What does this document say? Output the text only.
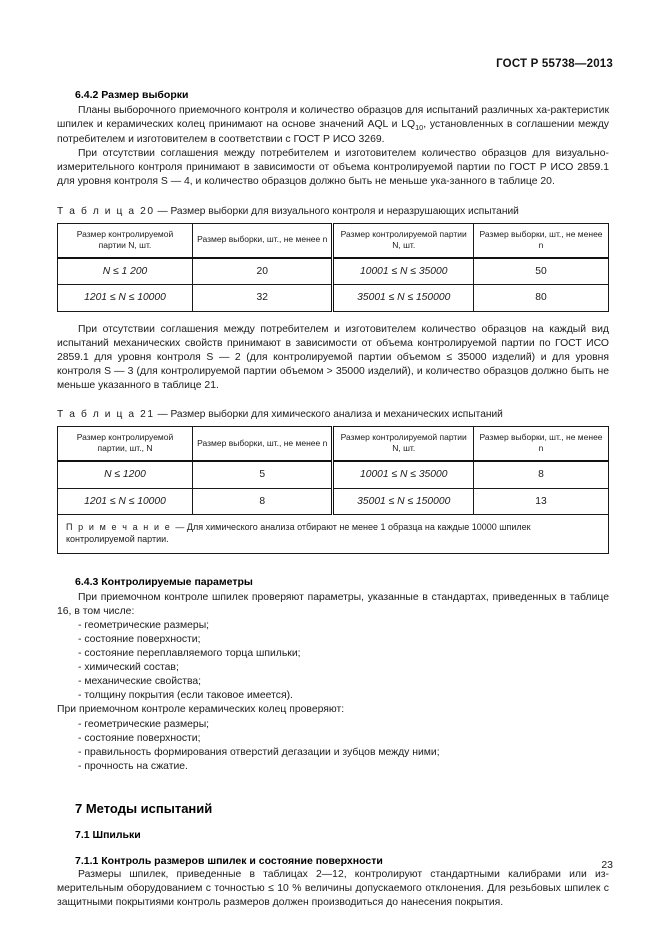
ГОСТ Р 55738—2013
6.4.2 Размер выборки

Планы выборочного приемочного контроля и количество образцов для испытаний различных ха-рактеристик шпилек и керамических колец принимают на основе значений AQL и $LQ_{10}$, установленных в соглашении между потребителем и изготовителем в соответствии с ГОСТ Р ИСО 3269.

При отсутствии соглашения между потребителем и изготовителем количество образцов для визуально-измерительного контроля принимают в зависимости от объема контролируемой партии по ГОСТ Р ИСО 2859.1 для уровня контроля S — 4, и количество образцов должно быть не меньше ука-занного в таблице 20.

Т а б л и ц а 20 — Размер выборки для визуального контроля и неразрушающих испытаний

Размер контролируемой партии N, шт.	Размер выборки, шт., не менее n	Размер контролируемой партии N, шт.	Размер выборки, шт., не менее n
N ≤ 1 200	20	10001 ≤ N ≤ 35000	50
1201 ≤ N ≤ 10000	32	35001 ≤ N ≤ 150000	80

При отсутствии соглашения между потребителем и изготовителем количество образцов на каждый вид испытаний механических свойств принимают в зависимости от объема контролируемой партии по ГОСТ ИСО 2859.1 для уровня контроля S — 2 (для контролируемой партии объемом ≤ 35000 изделий) и для уровня контроля S — 3 (для контролируемой партии объемом > 35000 изделий), и количество образцов должно быть не меньше указанного в таблице 21.

Т а б л и ц а 21 — Размер выборки для химического анализа и механических испытаний

Размер контролируемой партии, шт., N	Размер выборки, шт., не менее n	Размер контролируемой партии N, шт.	Размер выборки, шт., не менее n
N ≤ 1200	5	10001 ≤ N ≤ 35000	8
1201 ≤ N ≤ 10000	8	35001 ≤ N ≤ 150000	13
П р и м е ч а н и е — Для химического анализа отбирают не менее 1 образца на каждые 10000 шпилек контролируемой партии.			
6.4.3 Контролируемые параметры

При приемочном контроле шпилек проверяют параметры, указанные в стандартах, приведенных в таблице 16, в том числе:

- геометрические размеры;
- состояние поверхности;
- состояние переплавляемого торца шпильки;
- химический состав;
- механические свойства;
- толщину покрытия (если таковое имеется).

При приемочном контроле керамических колец проверяют:

- геометрические размеры;
- состояние поверхности;
- правильность формирования отверстий дегазации и зубцов между ними;
- прочность на сжатие.
7 Методы испытаний
7.1 Шпильки
7.1.1 Контроль размеров шпилек и состояние поверхности

Размеры шпилек, приведенные в таблицах 2—12, контролируют стандартными калибрами или из-мерительным оборудованием с точностью ≤ 10 % величины допускаемого отклонения. Для резьбовых шпилек с защитными покрытиями контроль размеров должен производиться до нанесения покрытия.

23
